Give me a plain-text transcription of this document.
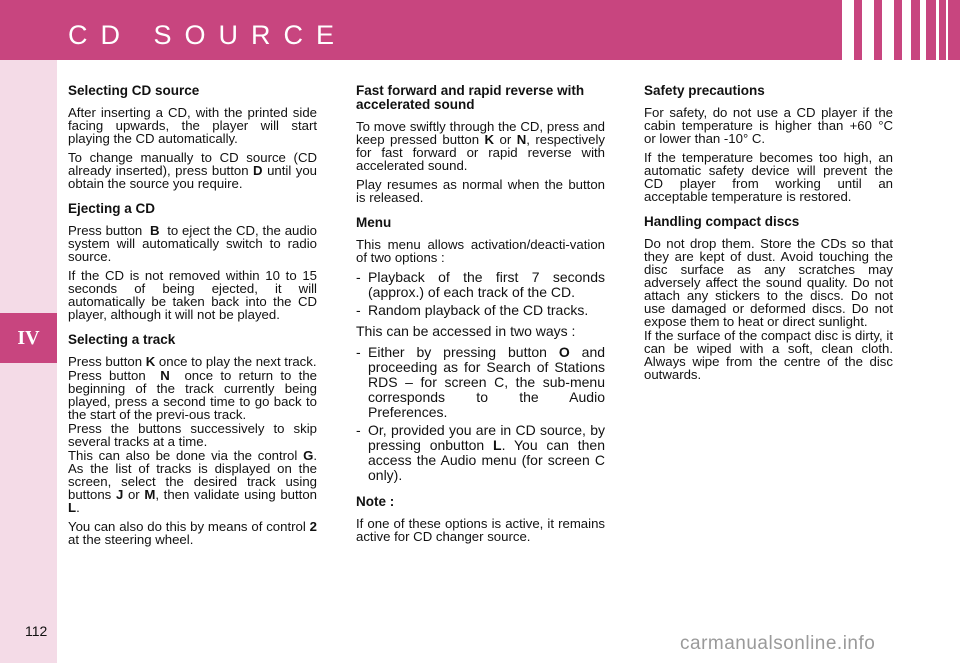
CD SOURCE
IV
Selecting CD source

After inserting a CD, with the printed side facing upwards, the player will start playing the CD automatically.

To change manually to CD source (CD already inserted), press button D until you obtain the source you require.

Ejecting a CD

Press button B to eject the CD, the audio system will automatically switch to radio source.

If the CD is not removed within 10 to 15 seconds of being ejected, it will automatically be taken back into the CD player, although it will not be played.

Selecting a track

Press button K once to play the next track.

Press button N once to return to the beginning of the track currently being played, press a second time to go back to the start of the previ-ous track.

Press the buttons successively to skip several tracks at a time.

This can also be done via the control G. As the list of tracks is displayed on the screen, select the desired track using buttons J or M, then validate using button L.

You can also do this by means of control 2 at the steering wheel.

Fast forward and rapid reverse with accelerated sound

To move swiftly through the CD, press and keep pressed button K or N, respectively for fast forward or rapid reverse with accelerated sound.

Play resumes as normal when the button is released.

Menu

This menu allows activation/deacti-vation of two options :

- Playback of the first 7 seconds (approx.) of each track of the CD.
- Random playback of the CD tracks.

This can be accessed in two ways :

- Either by pressing button O and proceeding as for Search of Stations RDS – for screen C, the sub-menu corresponds to the Audio Preferences.
- Or, provided you are in CD source, by pressing onbutton L. You can then access the Audio menu (for screen C only).
Note :

If one of these options is active, it remains active for CD changer source.

Safety precautions

For safety, do not use a CD player if the cabin temperature is higher than +60 °C or lower than -10° C.

If the temperature becomes too high, an automatic safety device will prevent the CD player from working until an acceptable temperature is restored.

Handling compact discs

Do not drop them. Store the CDs so that they are kept of dust. Avoid touching the disc surface as any scratches may adversely affect the sound quality. Do not attach any stickers to the discs. Do not use damaged or deformed discs. Do not expose them to heat or direct sunlight.

If the surface of the compact disc is dirty, it can be wiped with a soft, clean cloth. Always wipe from the centre of the disc outwards.

112
carmanualsonline.info
